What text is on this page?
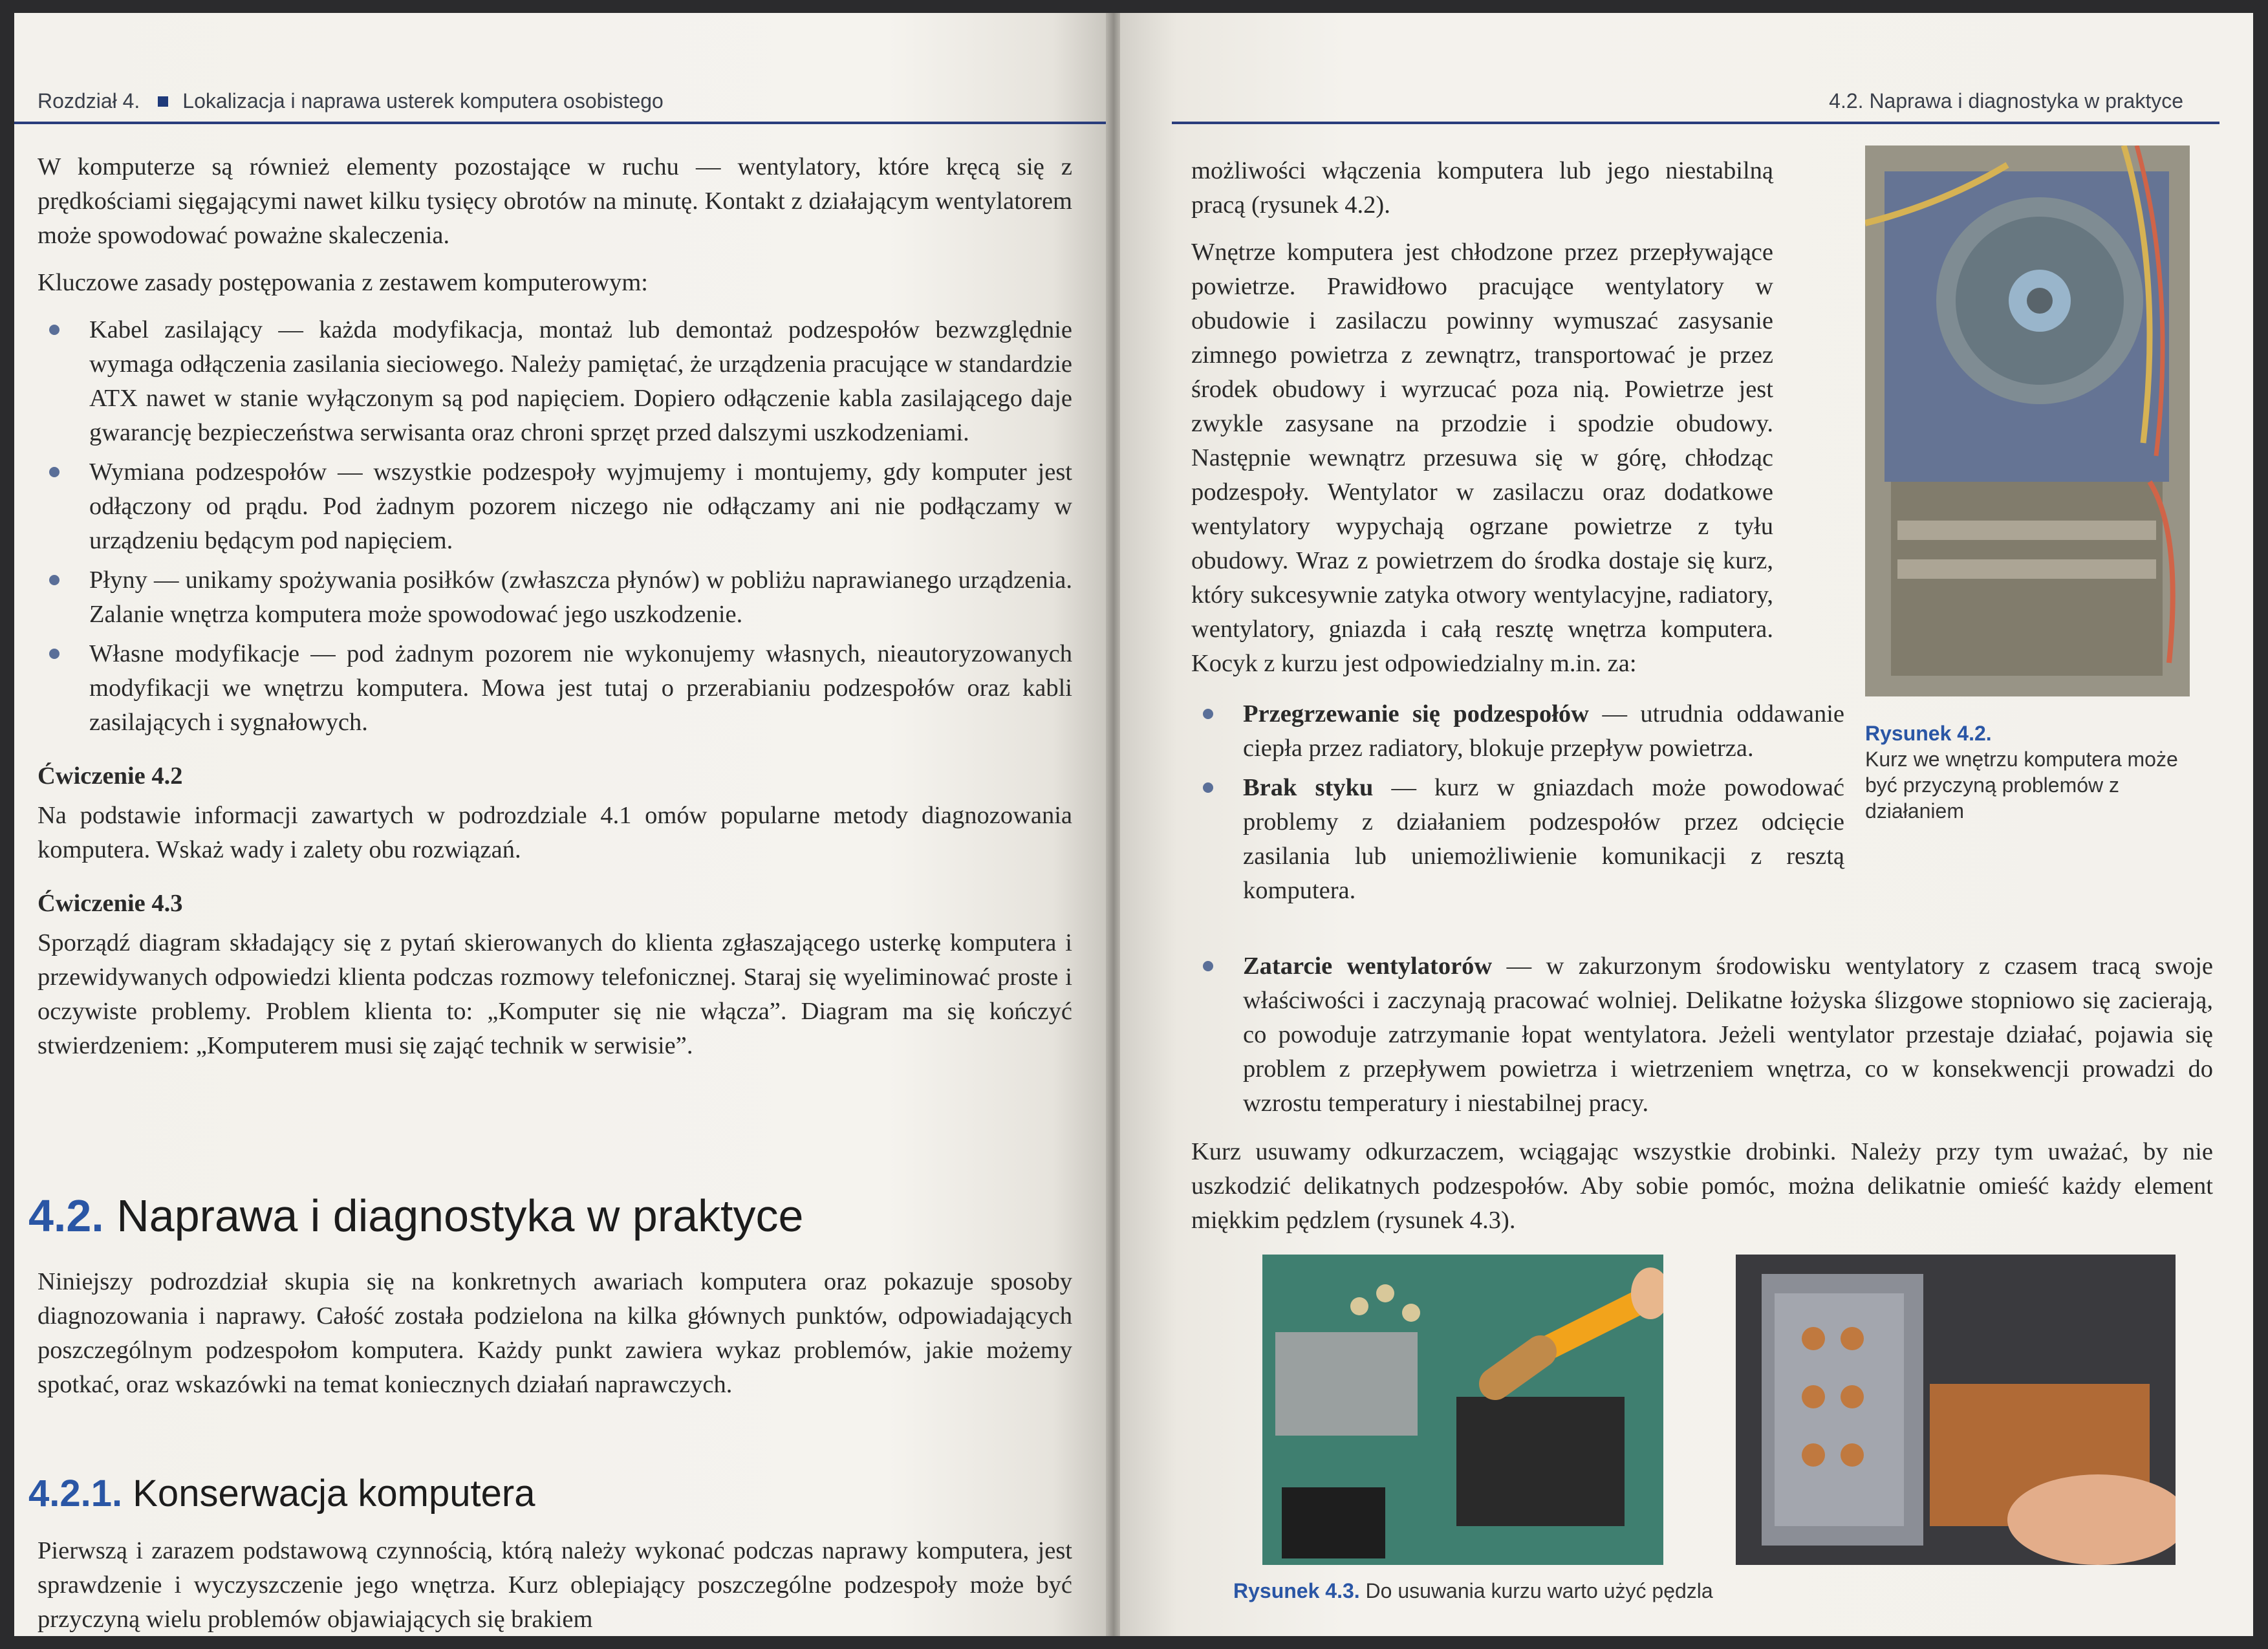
Rozdział 4. Lokalizacja i naprawa usterek komputera osobistego

W komputerze są również elementy pozostające w ruchu — wentylatory, które kręcą się z prędkościami sięgającymi nawet kilku tysięcy obrotów na minutę. Kontakt z działającym wentylatorem może spowodować poważne skaleczenia.

Kluczowe zasady postępowania z zestawem komputerowym:

Kabel zasilający — każda modyfikacja, montaż lub demontaż podzespołów bezwzględnie wymaga odłączenia zasilania sieciowego. Należy pamiętać, że urządzenia pracujące w standardzie ATX nawet w stanie wyłączonym są pod napięciem. Dopiero odłączenie kabla zasilającego daje gwarancję bezpieczeństwa serwisanta oraz chroni sprzęt przed dalszymi uszkodzeniami.
Wymiana podzespołów — wszystkie podzespoły wyjmujemy i montujemy, gdy komputer jest odłączony od prądu. Pod żadnym pozorem niczego nie odłączamy ani nie podłączamy w urządzeniu będącym pod napięciem.
Płyny — unikamy spożywania posiłków (zwłaszcza płynów) w pobliżu naprawianego urządzenia. Zalanie wnętrza komputera może spowodować jego uszkodzenie.
Własne modyfikacje — pod żadnym pozorem nie wykonujemy własnych, nieautoryzowanych modyfikacji we wnętrzu komputera. Mowa jest tutaj o przerabianiu podzespołów oraz kabli zasilających i sygnałowych.
Ćwiczenie 4.2

Na podstawie informacji zawartych w podrozdziale 4.1 omów popularne metody diagnozowania komputera. Wskaż wady i zalety obu rozwiązań.

Ćwiczenie 4.3

Sporządź diagram składający się z pytań skierowanych do klienta zgłaszającego usterkę komputera i przewidywanych odpowiedzi klienta podczas rozmowy telefonicznej. Staraj się wyeliminować proste i oczywiste problemy. Problem klienta to: „Komputer się nie włącza”. Diagram ma się kończyć stwierdzeniem: „Komputerem musi się zająć technik w serwisie”.

4.2. Naprawa i diagnostyka w praktyce

Niniejszy podrozdział skupia się na konkretnych awariach komputera oraz pokazuje sposoby diagnozowania i naprawy. Całość została podzielona na kilka głównych punktów, odpowiadających poszczególnym podzespołom komputera. Każdy punkt zawiera wykaz problemów, jakie możemy spotkać, oraz wskazówki na temat koniecznych działań naprawczych.

4.2.1. Konserwacja komputera

Pierwszą i zarazem podstawową czynnością, którą należy wykonać podczas naprawy komputera, jest sprawdzenie i wyczyszczenie jego wnętrza. Kurz oblepiający poszczególne podzespoły może być przyczyną wielu problemów objawiających się brakiem

4.2. Naprawa i diagnostyka w praktyce

możliwości włączenia komputera lub jego niestabilną pracą (rysunek 4.2).

Wnętrze komputera jest chłodzone przez przepływające powietrze. Prawidłowo pracujące wentylatory w obudowie i zasilaczu powinny wymuszać zasysanie zimnego powietrza z zewnątrz, transportować je przez środek obudowy i wyrzucać poza nią. Powietrze jest zwykle zasysane na przodzie i spodzie obudowy. Następnie wewnątrz przesuwa się w górę, chłodząc podzespoły. Wentylator w zasilaczu oraz dodatkowe wentylatory wypychają ogrzane powietrze z tyłu obudowy. Wraz z powietrzem do środka dostaje się kurz, który sukcesywnie zatyka otwory wentylacyjne, radiatory, wentylatory, gniazda i całą resztę wnętrza komputera. Kocyk z kurzu jest odpowiedzialny m.in. za:

Rysunek 4.2.
Kurz we wnętrzu komputera może być przyczyną problemów z działaniem
Przegrzewanie się podzespołów — utrudnia oddawanie ciepła przez radiatory, blokuje przepływ powietrza.
Brak styku — kurz w gniazdach może powodować problemy z działaniem podzespołów przez odcięcie zasilania lub uniemożliwienie komunikacji z resztą komputera.
Zatarcie wentylatorów — w zakurzonym środowisku wentylatory z czasem tracą swoje właściwości i zaczynają pracować wolniej. Delikatne łożyska ślizgowe stopniowo się zacierają, co powoduje zatrzymanie łopat wentylatora. Jeżeli wentylator przestaje działać, pojawia się problem z przepływem powietrza i wietrzeniem wnętrza, co w konsekwencji prowadzi do wzrostu temperatury i niestabilnej pracy.

Kurz usuwamy odkurzaczem, wciągając wszystkie drobinki. Należy przy tym uważać, by nie uszkodzić delikatnych podzespołów. Aby sobie pomóc, można delikatnie omieść każdy element miękkim pędzlem (rysunek 4.3).

Rysunek 4.3. Do usuwania kurzu warto użyć pędzla
